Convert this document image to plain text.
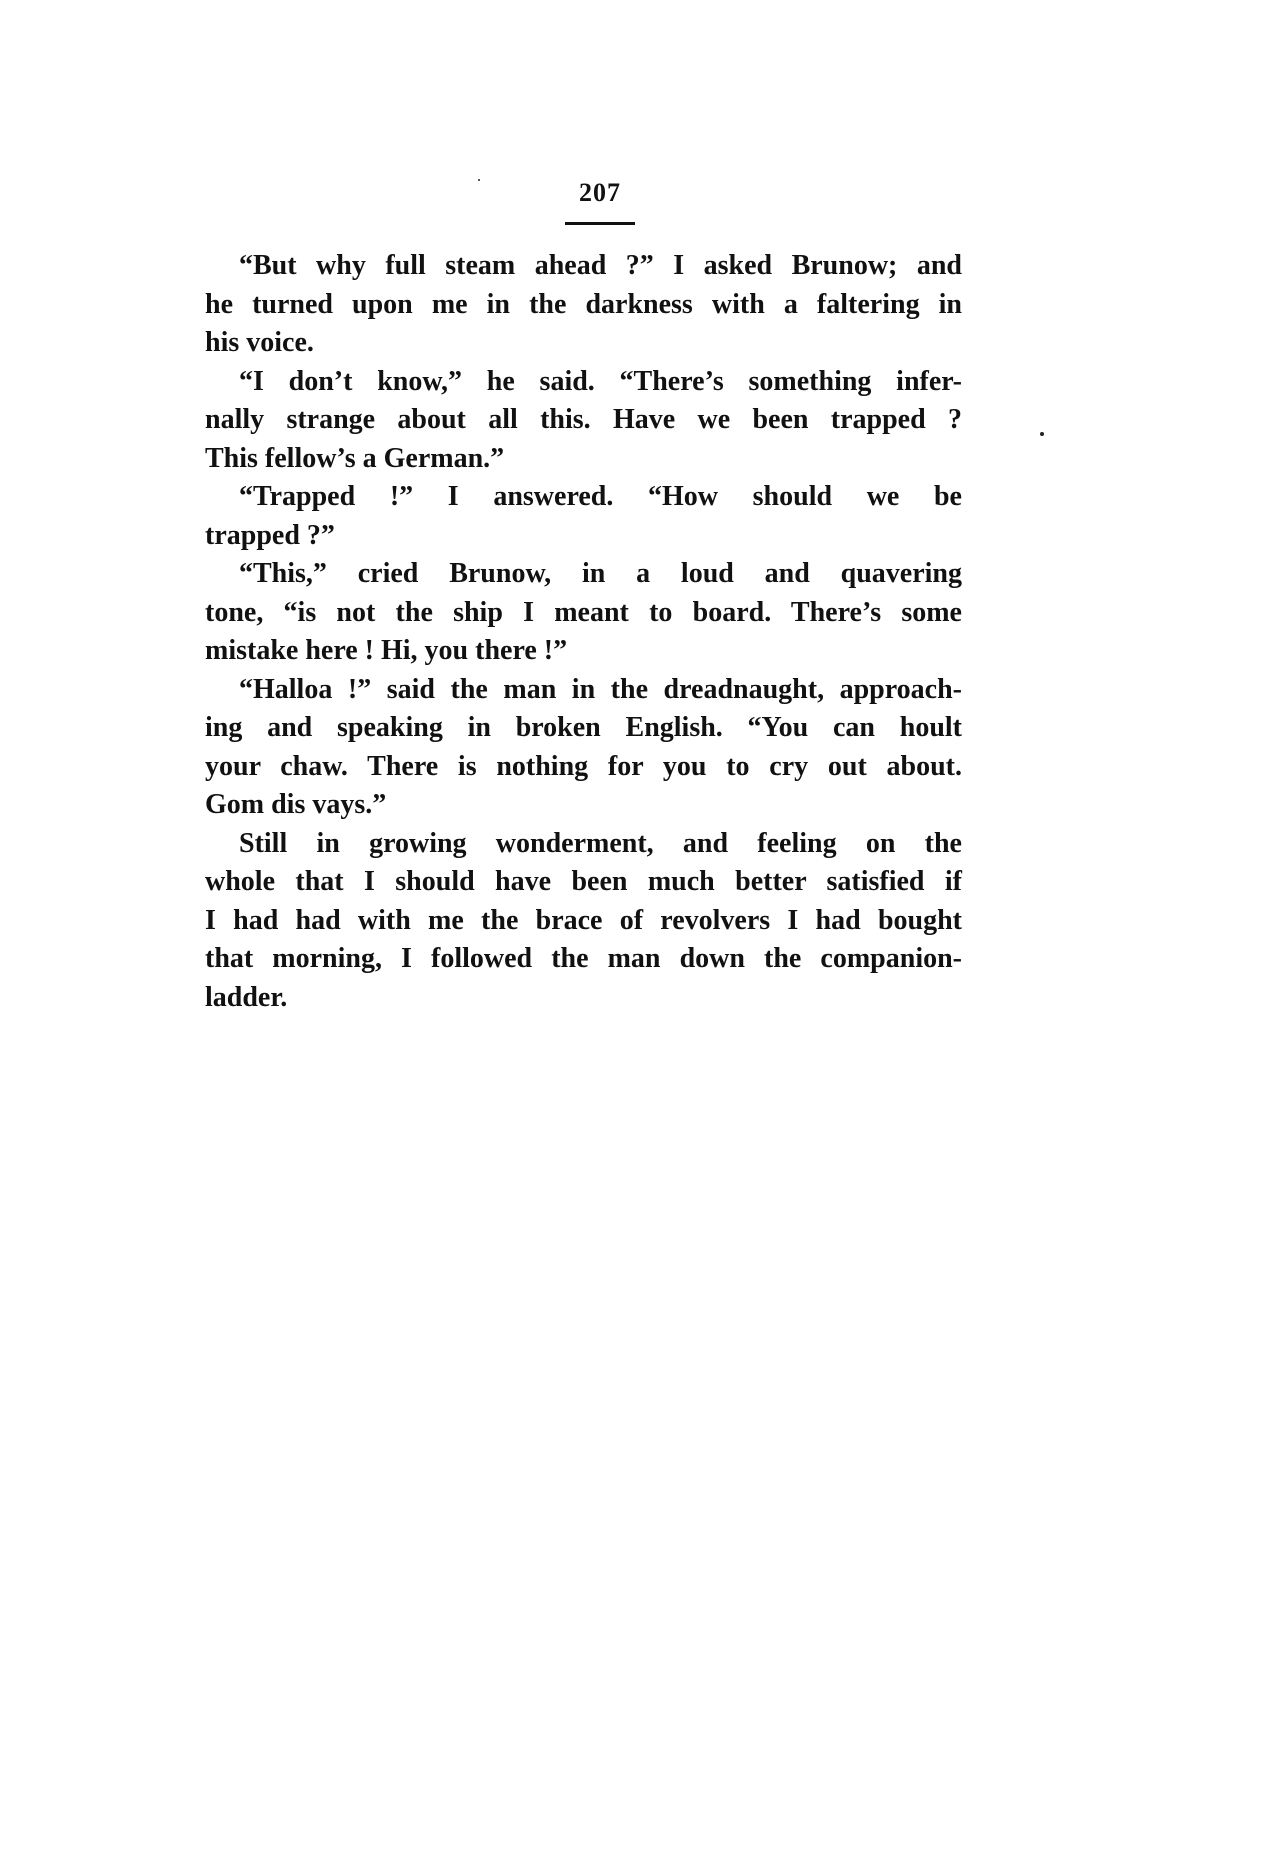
207
“But why full steam ahead ?” I asked Brunow; and
he turned upon me in the darkness with a faltering in
his voice.
“I don’t know,” he said. “There’s something infer-
nally strange about all this. Have we been trapped ?
This fellow’s a German.”
“Trapped !” I answered. “How should we be
trapped ?”
“This,” cried Brunow, in a loud and quavering
tone, “is not the ship I meant to board. There’s some
mistake here ! Hi, you there !”
“Halloa !” said the man in the dreadnaught, approach-
ing and speaking in broken English. “You can hoult
your chaw. There is nothing for you to cry out about.
Gom dis vays.”
Still in growing wonderment, and feeling on the
whole that I should have been much better satisfied if
I had had with me the brace of revolvers I had bought
that morning, I followed the man down the companion-
ladder.
